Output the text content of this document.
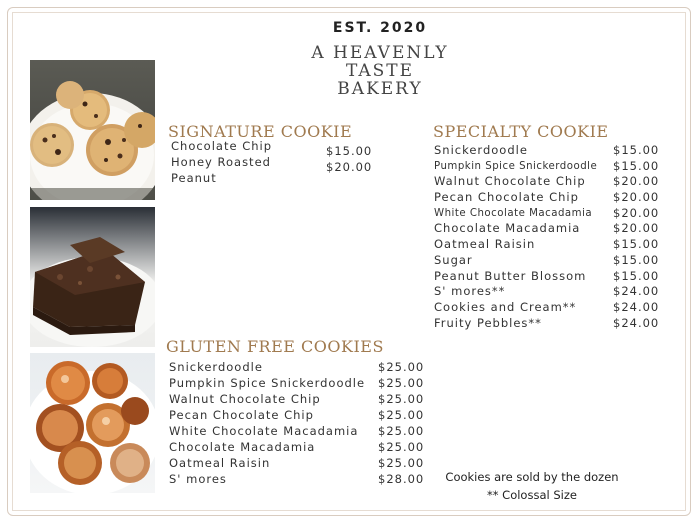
EST. 2020
A HEAVENLY
TASTE
BAKERY
SIGNATURE COOKIE
Chocolate Chip
Honey Roasted
Peanut
$15.00
$20.00
SPECIALTY COOKIE
Snickerdoodle
Pumpkin Spice Snickerdoodle
Walnut Chocolate Chip
Pecan Chocolate Chip
White Chocolate Macadamia
Chocolate Macadamia
Oatmeal Raisin
Sugar
Peanut Butter Blossom
S' mores**
Cookies and Cream**
Fruity Pebbles**
$15.00
$15.00
$20.00
$20.00
$20.00
$20.00
$15.00
$15.00
$15.00
$24.00
$24.00
$24.00
GLUTEN FREE COOKIES
Snickerdoodle
Pumpkin Spice Snickerdoodle
Walnut Chocolate Chip
Pecan Chocolate Chip
White Chocolate Macadamia
Chocolate Macadamia
Oatmeal Raisin
S' mores
$25.00
$25.00
$25.00
$25.00
$25.00
$25.00
$25.00
$28.00	Cookies are sold by the dozen
** Colossal Size
